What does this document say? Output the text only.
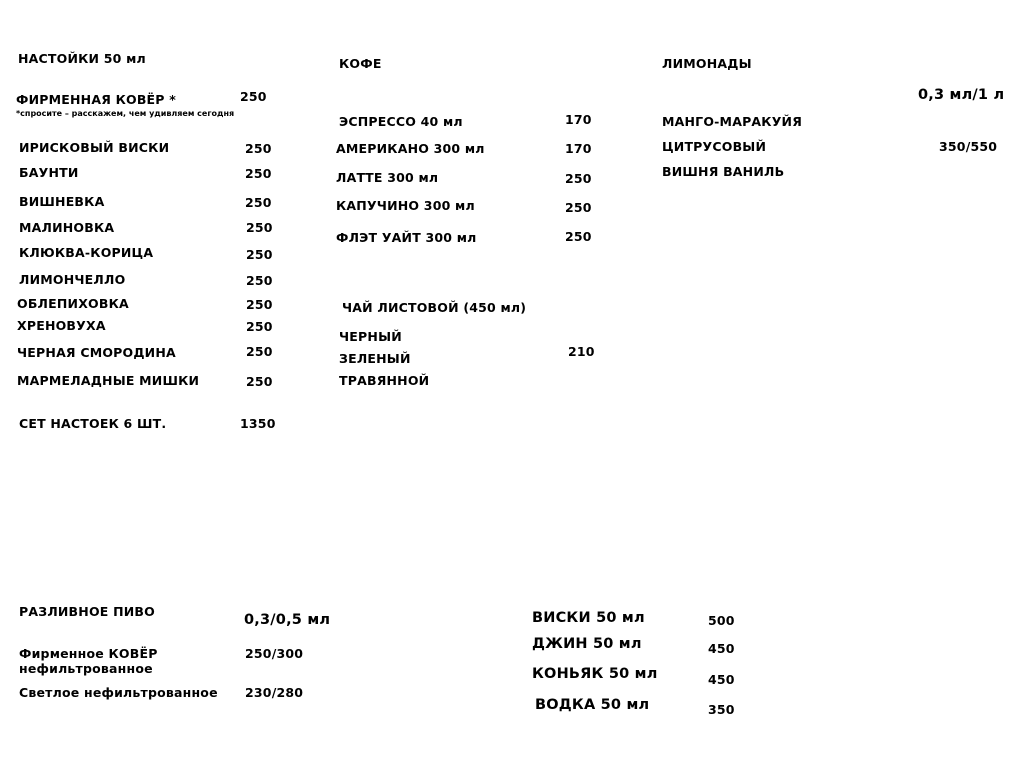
НАСТОЙКИ 50 мл
ФИРМЕННАЯ КОВЁР *	250
*спросите – расскажем, чем удивляем сегодня
ИРИСКОВЫЙ ВИСКИ	250
БАУНТИ	250
ВИШНЕВКА	250
МАЛИНОВКА	250
КЛЮКВА-КОРИЦА	250
ЛИМОНЧЕЛЛО	250
ОБЛЕПИХОВКА	250
ХРЕНОВУХА	250
ЧЕРНАЯ СМОРОДИНА	250
МАРМЕЛАДНЫЕ МИШКИ	250
СЕТ НАСТОЕК 6 ШТ.	1350
КОФЕ
ЭСПРЕССО 40 мл	170
АМЕРИКАНО 300 мл	170
ЛАТТЕ 300 мл	250
КАПУЧИНО 300 мл	250
ФЛЭТ УАЙТ 300 мл	250
ЧАЙ ЛИСТОВОЙ (450 мл)
ЧЕРНЫЙ
ЗЕЛЕНЫЙ
ТРАВЯННОЙ
210
ЛИМОНАДЫ
0,3 мл/1 л
МАНГО-МАРАКУЙЯ
ЦИТРУСОВЫЙ
ВИШНЯ ВАНИЛЬ
350/550
РАЗЛИВНОЕ ПИВО
0,3/0,5 мл
Фирменное КОВЁР
нефильтрованное
250/300
Светлое нефильтрованное 230/280
ВИСКИ 50 мл	500
ДЖИН 50 мл	450
КОНЬЯК 50 мл	450
ВОДКА 50 мл	350
